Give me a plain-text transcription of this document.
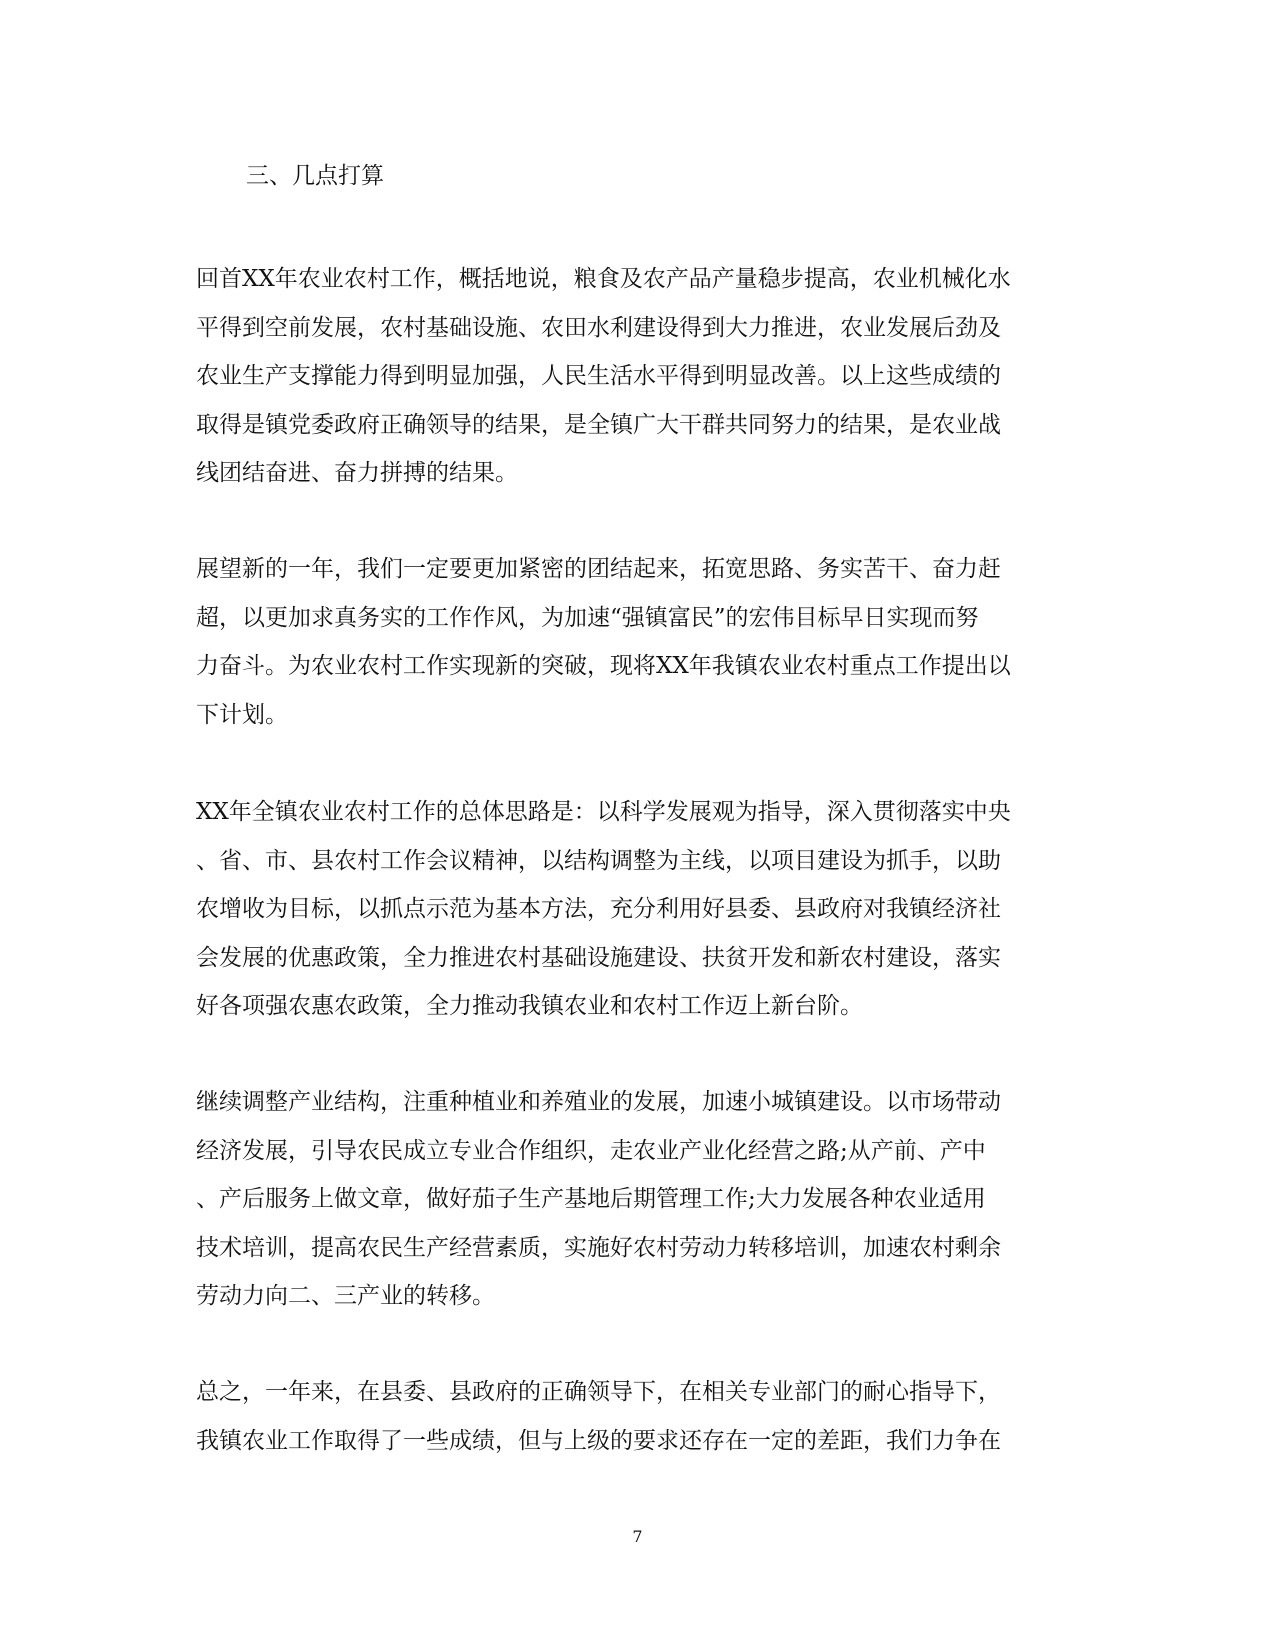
三、几点打算

回首XX年农业农村工作，概括地说，粮食及农产品产量稳步提高，农业机械化水
平得到空前发展，农村基础设施、农田水利建设得到大力推进，农业发展后劲及
农业生产支撑能力得到明显加强，人民生活水平得到明显改善。以上这些成绩的
取得是镇党委政府正确领导的结果，是全镇广大干群共同努力的结果，是农业战
线团结奋进、奋力拼搏的结果。

展望新的一年，我们一定要更加紧密的团结起来，拓宽思路、务实苦干、奋力赶
超，以更加求真务实的工作作风，为加速“强镇富民”的宏伟目标早日实现而努
力奋斗。为农业农村工作实现新的突破，现将XX年我镇农业农村重点工作提出以
下计划。

XX年全镇农业农村工作的总体思路是：以科学发展观为指导，深入贯彻落实中央
、省、市、县农村工作会议精神，以结构调整为主线，以项目建设为抓手，以助
农增收为目标，以抓点示范为基本方法，充分利用好县委、县政府对我镇经济社
会发展的优惠政策，全力推进农村基础设施建设、扶贫开发和新农村建设，落实
好各项强农惠农政策，全力推动我镇农业和农村工作迈上新台阶。

继续调整产业结构，注重种植业和养殖业的发展，加速小城镇建设。以市场带动
经济发展，引导农民成立专业合作组织，走农业产业化经营之路;从产前、产中
、产后服务上做文章，做好茄子生产基地后期管理工作;大力发展各种农业适用
技术培训，提高农民生产经营素质，实施好农村劳动力转移培训，加速农村剩余
劳动力向二、三产业的转移。

总之，一年来，在县委、县政府的正确领导下，在相关专业部门的耐心指导下，
我镇农业工作取得了一些成绩，但与上级的要求还存在一定的差距，我们力争在

7
